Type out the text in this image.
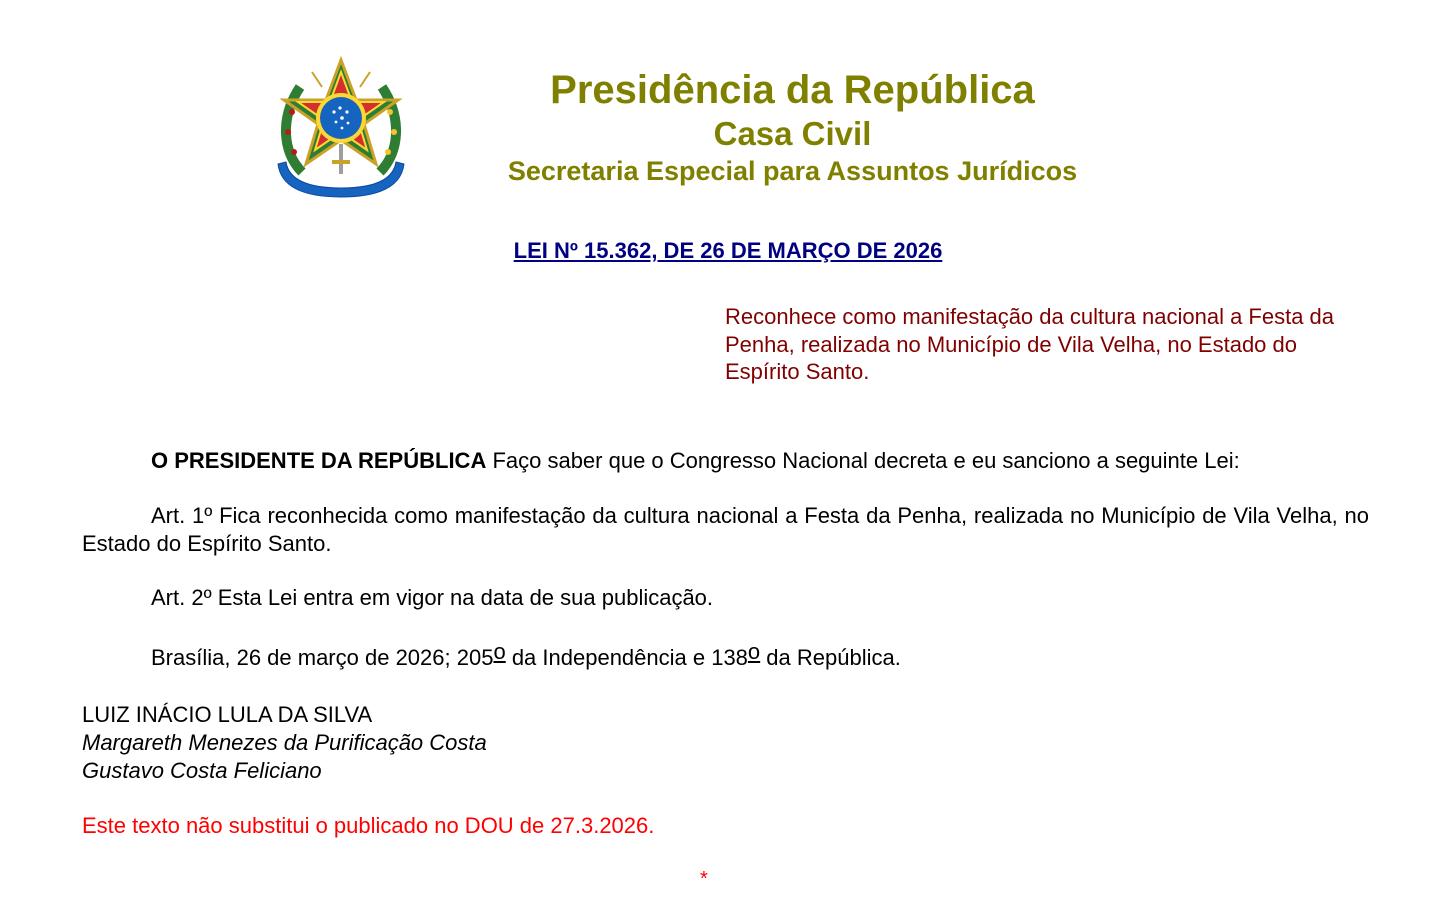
Presidência da República
Casa Civil
Secretaria Especial para Assuntos Jurídicos
LEI Nº 15.362, DE 26 DE MARÇO DE 2026
Reconhece como manifestação da cultura nacional a Festa da Penha, realizada no Município de Vila Velha, no Estado do Espírito Santo.

O PRESIDENTE DA REPÚBLICA Faço saber que o Congresso Nacional decreta e eu sanciono a seguinte Lei:

Art. 1º Fica reconhecida como manifestação da cultura nacional a Festa da Penha, realizada no Município de Vila Velha, no Estado do Espírito Santo.

Art. 2º Esta Lei entra em vigor na data de sua publicação.

Brasília, 26 de março de 2026; 205o da Independência e 138o da República.

LUIZ INÁCIO LULA DA SILVA
Margareth Menezes da Purificação Costa
Gustavo Costa Feliciano
Este texto não substitui o publicado no DOU de 27.3.2026.
*
